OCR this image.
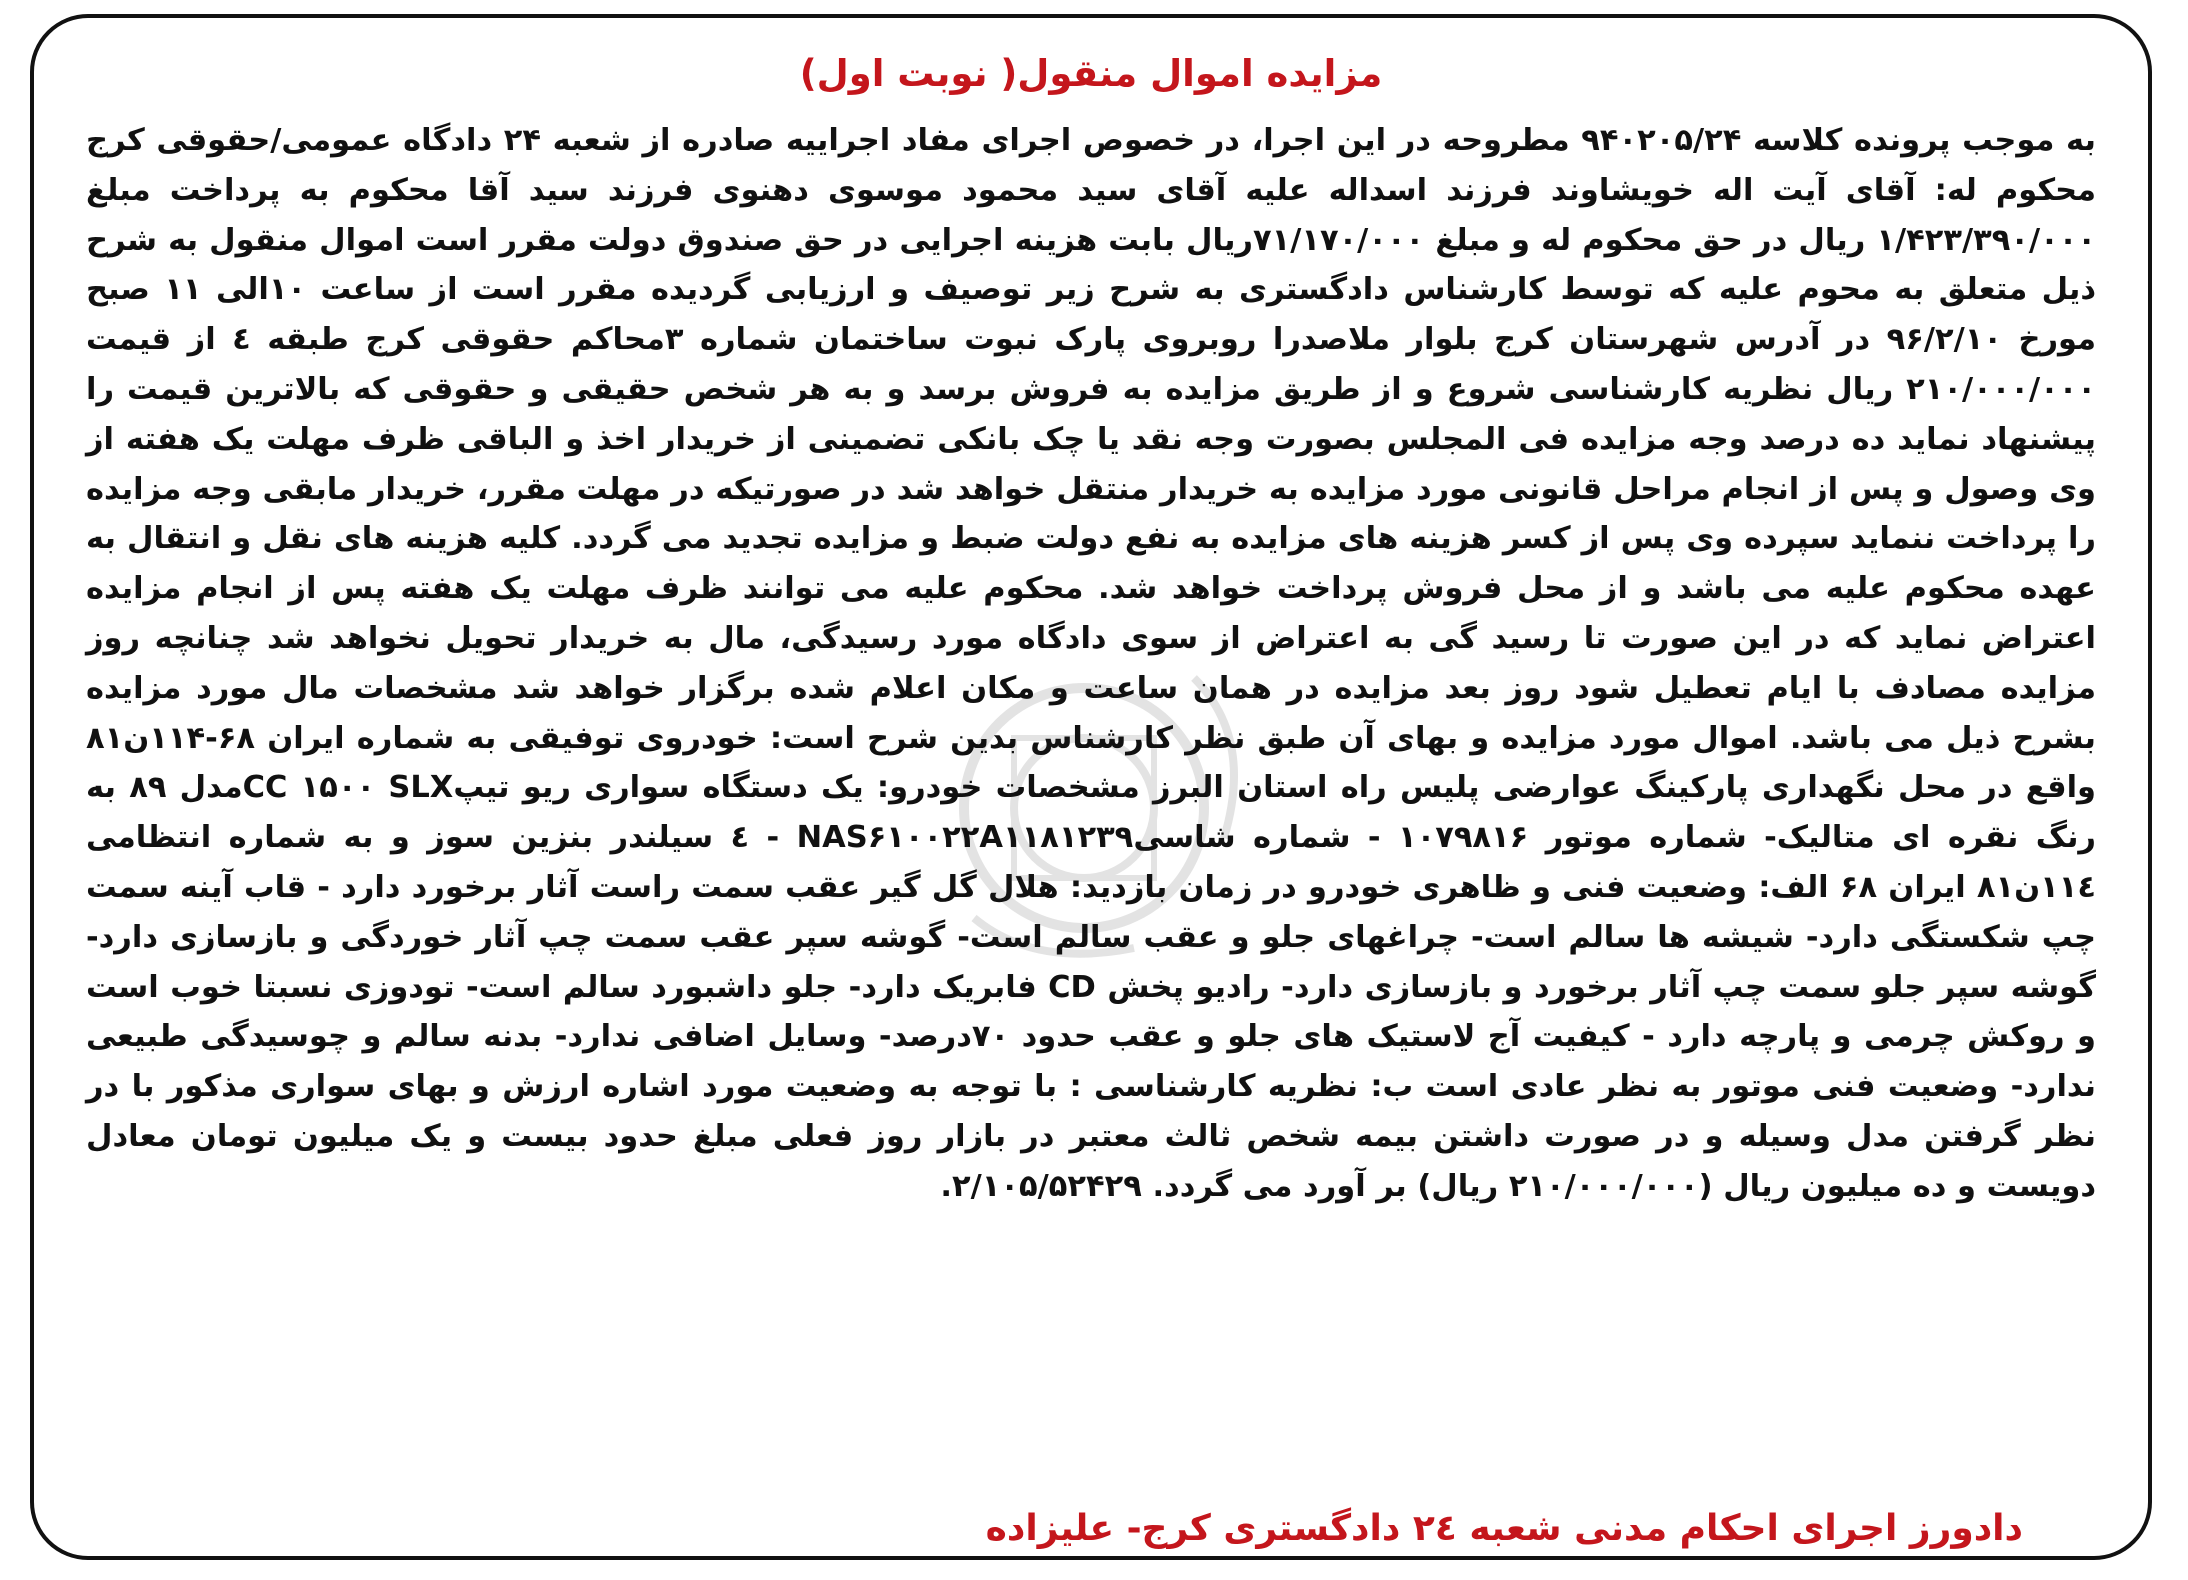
مزایده اموال منقول( نوبت اول)

به موجب پرونده کلاسه ۹۴۰۲۰۵/۲۴ مطروحه در این اجرا، در خصوص اجرای مفاد اجراییه صادره از شعبه ۲۴ دادگاه عمومی/حقوقی کرج محکوم له: آقای آیت اله خویشاوند فرزند اسداله علیه آقای سید محمود موسوی دهنوی فرزند سید آقا محکوم به پرداخت مبلغ ۱/۴۲۳/۳۹۰/۰۰۰ ریال در حق محکوم له و مبلغ ۷۱/۱۷۰/۰۰۰ریال بابت هزینه اجرایی در حق صندوق دولت مقرر است اموال منقول به شرح ذیل متعلق به محوم علیه که توسط کارشناس دادگستری به شرح زیر توصیف و ارزیابی گردیده مقرر است از ساعت ۱۰الی ۱۱ صبح مورخ ۹۶/۲/۱۰ در آدرس شهرستان کرج بلوار ملاصدرا روبروی پارک نبوت ساختمان شماره ۳محاکم حقوقی کرج طبقه ٤ از قیمت ۲۱۰/۰۰۰/۰۰۰ ریال نظریه کارشناسی شروع و از طریق مزایده به فروش برسد و به هر شخص حقیقی و حقوقی که بالاترین قیمت را پیشنهاد نماید ده درصد وجه مزایده فی المجلس بصورت وجه نقد یا چک بانکی تضمینی از خریدار اخذ و الباقی ظرف مهلت یک هفته از وی وصول و پس از انجام مراحل قانونی مورد مزایده به خریدار منتقل خواهد شد در صورتیکه در مهلت مقرر، خریدار مابقی وجه مزایده را پرداخت ننماید سپرده وی پس از کسر هزینه های مزایده به نفع دولت ضبط و مزایده تجدید می گردد. کلیه هزینه های نقل و انتقال به عهده محکوم علیه می باشد و از محل فروش پرداخت خواهد شد. محکوم علیه می توانند ظرف مهلت یک هفته پس از انجام مزایده اعتراض نماید که در این صورت تا رسید گی به اعتراض از سوی دادگاه مورد رسیدگی، مال به خریدار تحویل نخواهد شد چنانچه روز مزایده مصادف با ایام تعطیل شود روز بعد مزایده در همان ساعت و مکان اعلام شده برگزار خواهد شد مشخصات مال مورد مزایده بشرح ذیل می باشد. اموال مورد مزایده و بهای آن طبق نظر کارشناس بدین شرح است: خودروی توفیقی به شماره ایران ۶۸-۱۱۴ن۸۱ واقع در محل نگهداری پارکینگ عوارضی پلیس راه استان البرز مشخصات خودرو: یک دستگاه سواری ریو تیپCC ۱۵۰۰ SLXمدل ۸۹ به رنگ نقره ای متالیک- شماره موتور ۱۰۷۹۸۱۶ - شماره شاسیNAS۶۱۰۰۲۲A۱۱۸۱۲۳۹ - ٤ سیلندر بنزین سوز و به شماره انتظامی ۱۱٤ن۸۱ ایران ۶۸ الف: وضعیت فنی و ظاهری خودرو در زمان بازدید: هلال گل گیر عقب سمت راست آثار برخورد دارد - قاب آینه سمت چپ شکستگی دارد- شیشه ها سالم است- چراغهای جلو و عقب سالم است- گوشه سپر عقب سمت چپ آثار خوردگی و بازسازی دارد- گوشه سپر جلو سمت چپ آثار برخورد و بازسازی دارد- رادیو پخش CD فابریک دارد- جلو داشبورد سالم است- تودوزی نسبتا خوب است و روکش چرمی و پارچه دارد - کیفیت آج لاستیک های جلو و عقب حدود ۷۰درصد- وسایل اضافی ندارد- بدنه سالم و چوسیدگی طبیعی ندارد- وضعیت فنی موتور به نظر عادی است ب: نظریه کارشناسی : با توجه به وضعیت مورد اشاره ارزش و بهای سواری مذکور با در نظر گرفتن مدل وسیله و در صورت داشتن بیمه شخص ثالث معتبر در بازار روز فعلی مبلغ حدود بیست و یک میلیون تومان معادل دویست و ده میلیون ریال (۲۱۰/۰۰۰/۰۰۰ ریال) بر آورد می گردد. ۲/۱۰۵/۵۲۴۲۹.

دادورز اجرای احکام مدنی شعبه ۲٤ دادگستری کرج- علیزاده
